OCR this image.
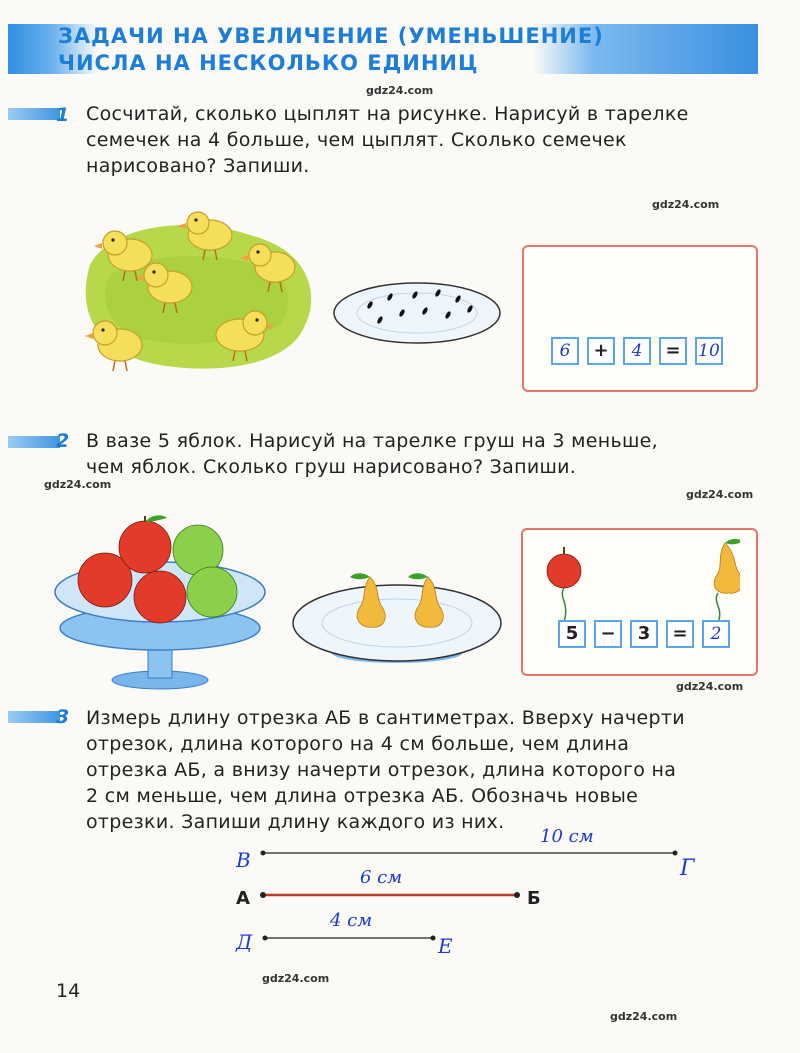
ЗАДАЧИ НА УВЕЛИЧЕНИЕ (УМЕНЬШЕНИЕ)
ЧИСЛА НА НЕСКОЛЬКО ЕДИНИЦ
1 Сосчитай, сколько цыплят на рисунке. Нарисуй в тарелке
семечек на 4 больше, чем цыплят. Сколько семечек
нарисовано? Запиши.
gdz24.com
gdz24.com
6	+	4	=	10
2 В вазе 5 яблок. Нарисуй на тарелке груш на 3 меньше,
чем яблок. Сколько груш нарисовано? Запиши.
gdz24.com
gdz24.com
5	−	3	=	2
gdz24.com
3 Измерь длину отрезка АБ в сантиметрах. Вверху начерти
отрезок, длина которого на 4 см больше, чем длина
отрезка АБ, а внизу начерти отрезок, длина которого на
2 см меньше, чем длина отрезка АБ. Обозначь новые
отрезки. Запиши длину каждого из них.
10 см
В	Г
6 см
А	Б
4 см
Д	Е
gdz24.com
gdz24.com
14
